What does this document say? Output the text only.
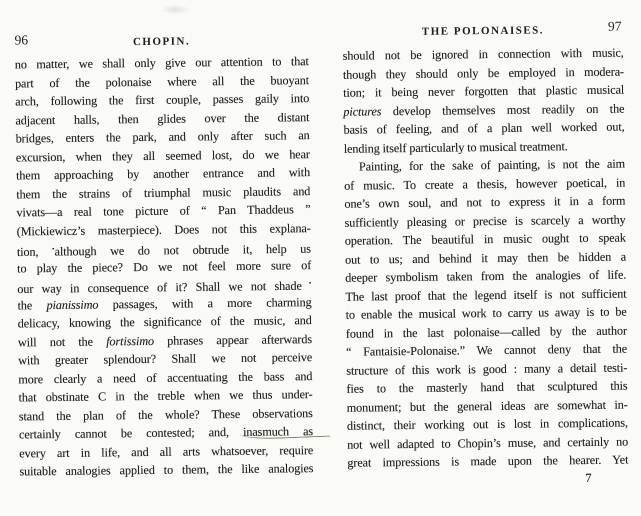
96	CHOPIN.
no matter, we shall only give our attention to that
part of the polonaise where all the buoyant
arch, following the first couple, passes gaily into
adjacent halls, then glides over the distant
bridges, enters the park, and only after such an
excursion, when they all seemed lost, do we hear
them approaching by another entrance and with
them the strains of triumphal music plaudits and
vivats—a real tone picture of “ Pan Thaddeus ”
(Mickiewicz’s masterpiece). Does not this explana-
tion, •although we do not obtrude it, help us
to play the piece? Do we not feel more sure of
our way in consequence of it? Shall we not shade •
the pianissimo passages, with a more charming
delicacy, knowing the significance of the music, and
will not the fortissimo phrases appear afterwards
with greater splendour? Shall we not perceive
more clearly a need of accentuating the bass and
that obstinate C in the treble when we thus under-
stand the plan of the whole? These observations
certainly cannot be contested; and, inasmuch as
every art in life, and all arts whatsoever, require
suitable analogies applied to them, the like analogies
THE POLONAISES.	97
should not be ignored in connection with music,
though they should only be employed in modera-
tion; it being never forgotten that plastic musical
pictures develop themselves most readily on the
basis of feeling, and of a plan well worked out,
lending itself particularly to musical treatment.
Painting, for the sake of painting, is not the aim
of music. To create a thesis, however poetical, in
one’s own soul, and not to express it in a form
sufficiently pleasing or precise is scarcely a worthy
operation. The beautiful in music ought to speak
out to us; and behind it may then be hidden a
deeper symbolism taken from the analogies of life.
The last proof that the legend itself is not sufficient
to enable the musical work to carry us away is to be
found in the last polonaise—called by the author
“ Fantaisie-Polonaise.” We cannot deny that the
structure of this work is good : many a detail testi-
fies to the masterly hand that sculptured this
monument; but the general ideas are somewhat in-
distinct, their working out is lost in complications,
not well adapted to Chopin’s muse, and certainly no
great impressions is made upon the hearer. Yet
7
